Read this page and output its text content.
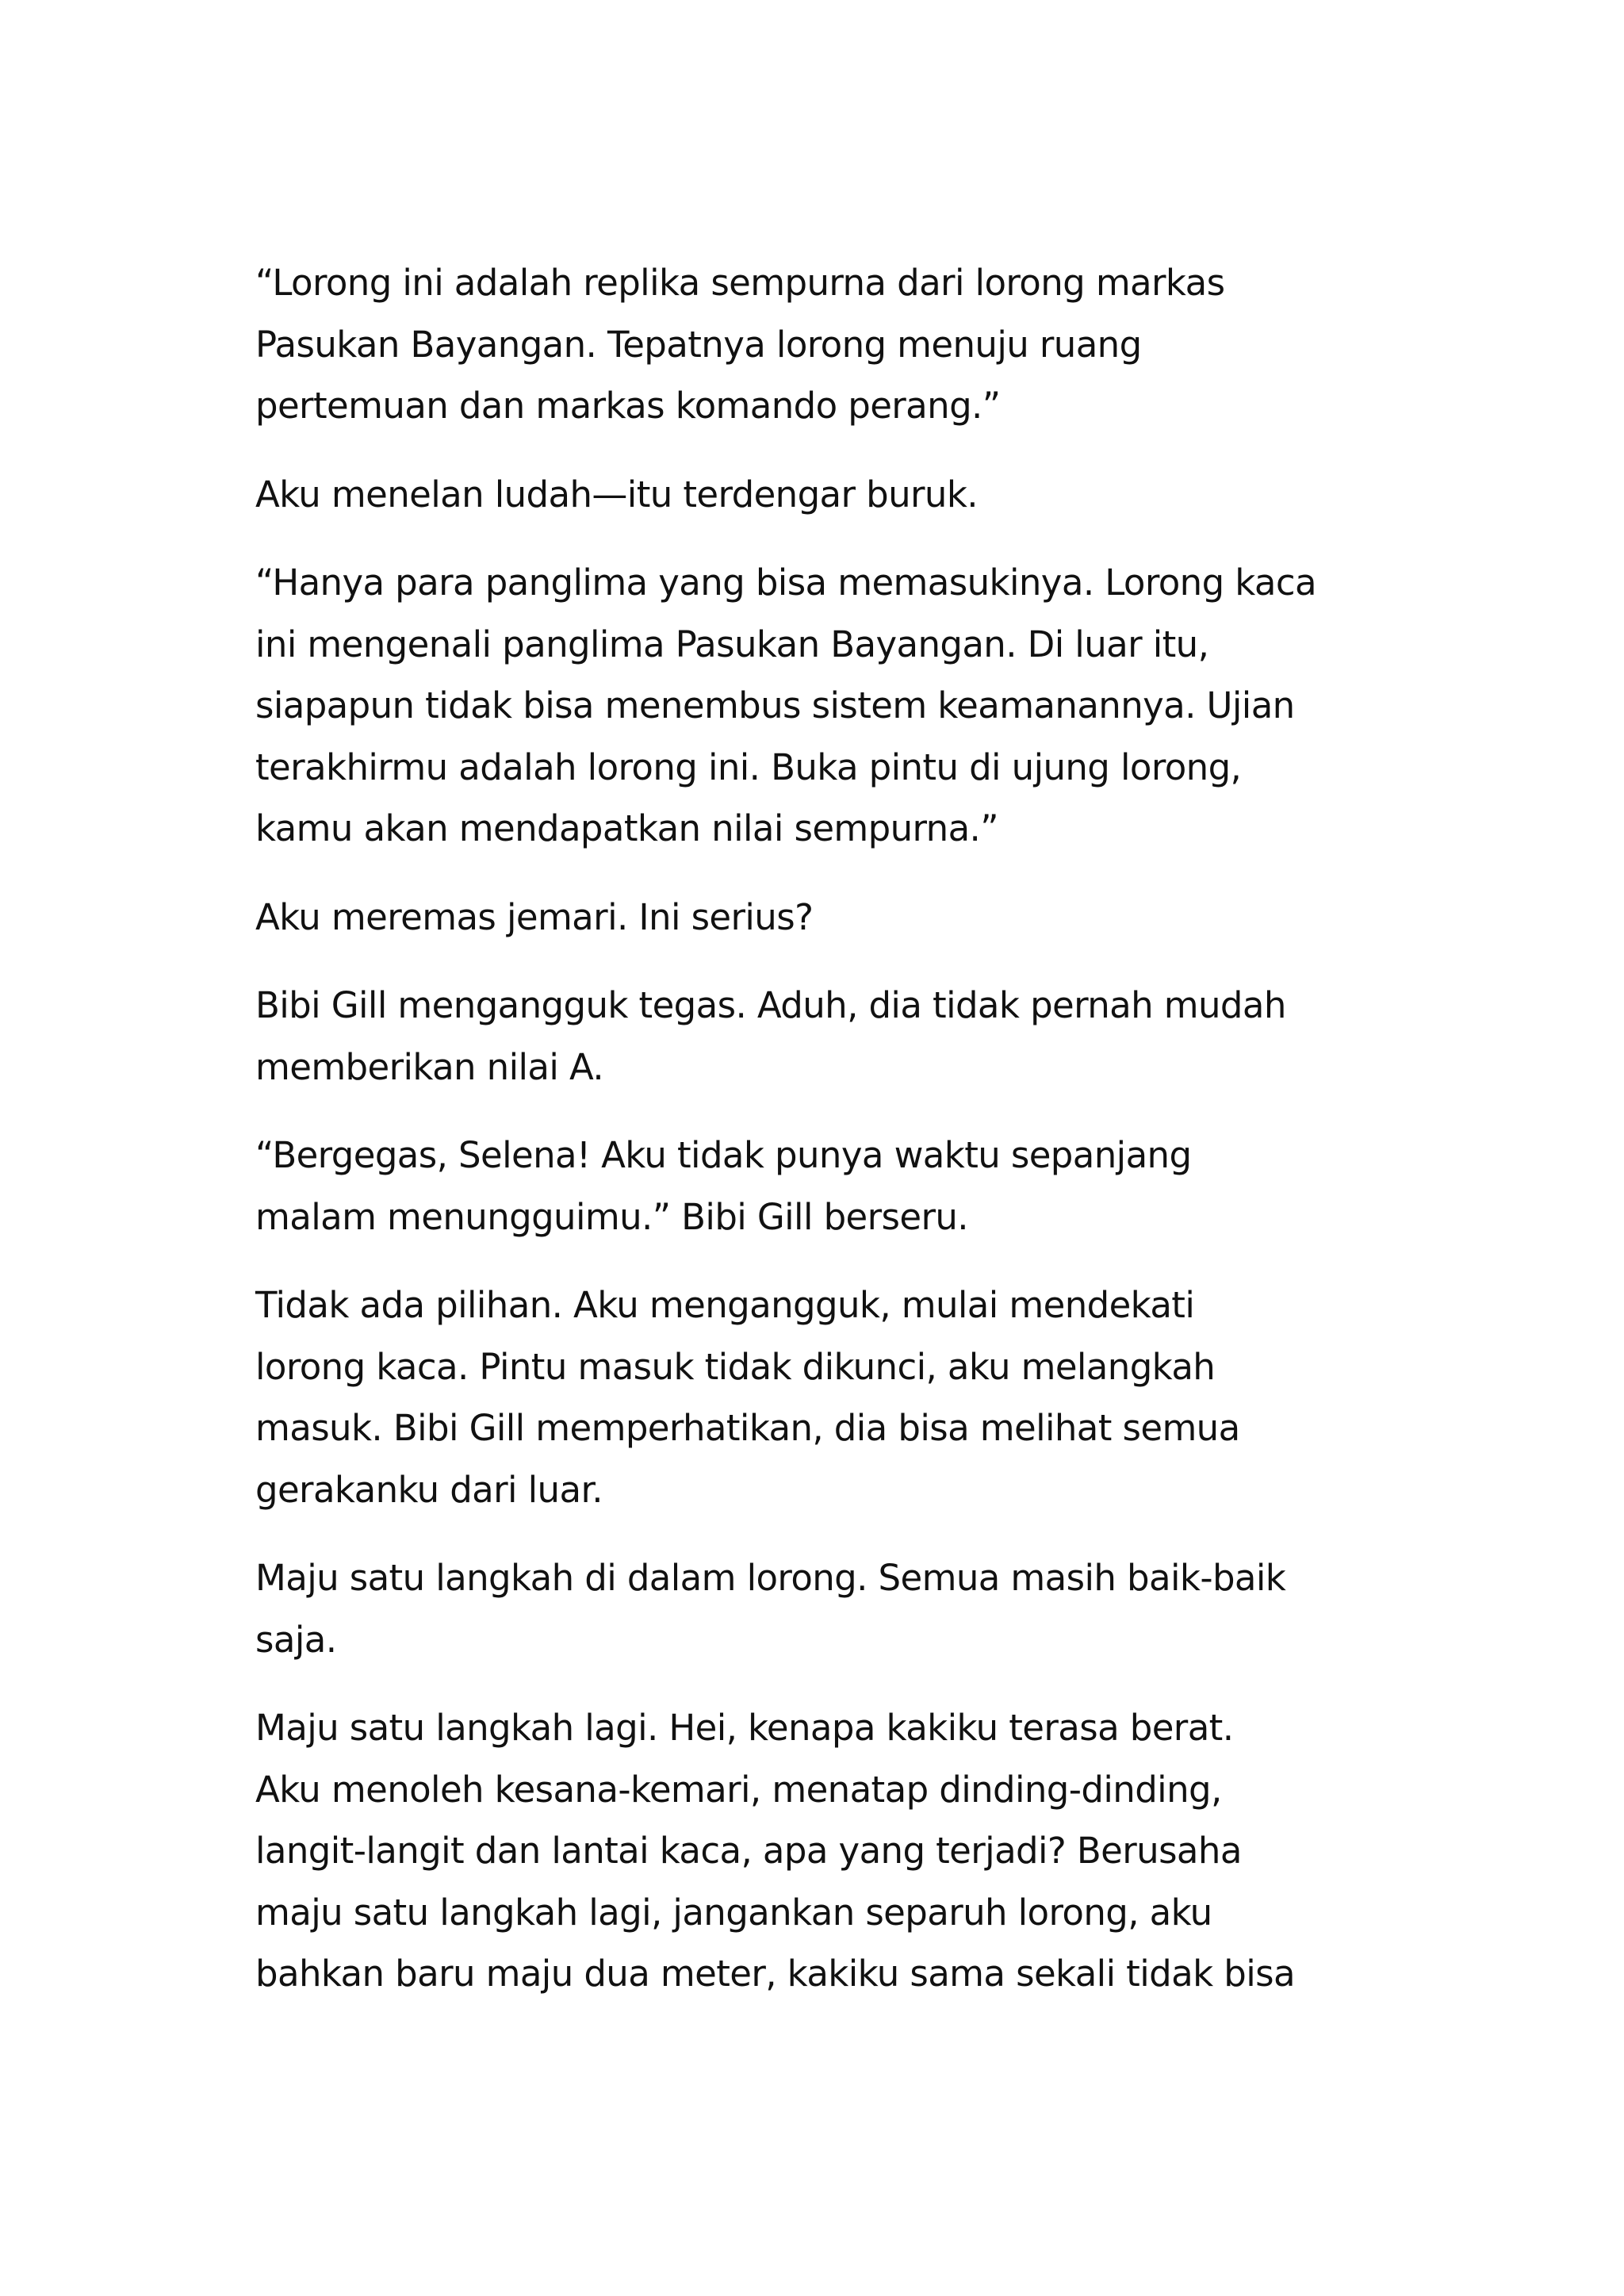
“Lorong ini adalah replika sempurna dari lorong markas
Pasukan Bayangan. Tepatnya lorong menuju ruang
pertemuan dan markas komando perang.”
Aku menelan ludah—itu terdengar buruk.
“Hanya para panglima yang bisa memasukinya. Lorong kaca
ini mengenali panglima Pasukan Bayangan. Di luar itu,
siapapun tidak bisa menembus sistem keamanannya. Ujian
terakhirmu adalah lorong ini. Buka pintu di ujung lorong,
kamu akan mendapatkan nilai sempurna.”
Aku meremas jemari. Ini serius?
Bibi Gill mengangguk tegas. Aduh, dia tidak pernah mudah
memberikan nilai A.
“Bergegas, Selena! Aku tidak punya waktu sepanjang
malam menungguimu.” Bibi Gill berseru.
Tidak ada pilihan. Aku mengangguk, mulai mendekati
lorong kaca. Pintu masuk tidak dikunci, aku melangkah
masuk. Bibi Gill memperhatikan, dia bisa melihat semua
gerakanku dari luar.
Maju satu langkah di dalam lorong. Semua masih baik-baik
saja.
Maju satu langkah lagi. Hei, kenapa kakiku terasa berat.
Aku menoleh kesana-kemari, menatap dinding-dinding,
langit-langit dan lantai kaca, apa yang terjadi? Berusaha
maju satu langkah lagi, jangankan separuh lorong, aku
bahkan baru maju dua meter, kakiku sama sekali tidak bisa
